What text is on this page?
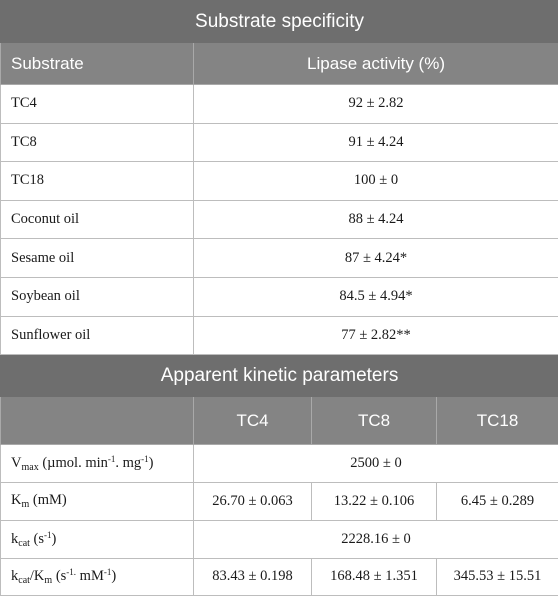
Substrate specificity			
Substrate	Lipase activity (%)		
TC4	92 ± 2.82		
TC8	91 ± 4.24		
TC18	100 ± 0		
Coconut oil	88 ± 4.24		
Sesame oil	87 ± 4.24*		
Soybean oil	84.5 ± 4.94*		
Sunflower oil	77 ± 2.82**		
Apparent kinetic parameters			
	TC4	TC8	TC18
$V_{max}$ (µmol. $\min^{-1}$. $mg^{-1}$)	2500 ± 0		
$K_m$ (mM)	26.70 ± 0.063	13.22 ± 0.106	6.45 ± 0.289
$k_{cat}$ $(s^{-1})$	2228.16 ± 0		
$k_{cat}/K_m$ ($s^{-1.}$ $mM^{-1}$)	83.43 ± 0.198	168.48 ± 1.351	345.53 ± 15.51
